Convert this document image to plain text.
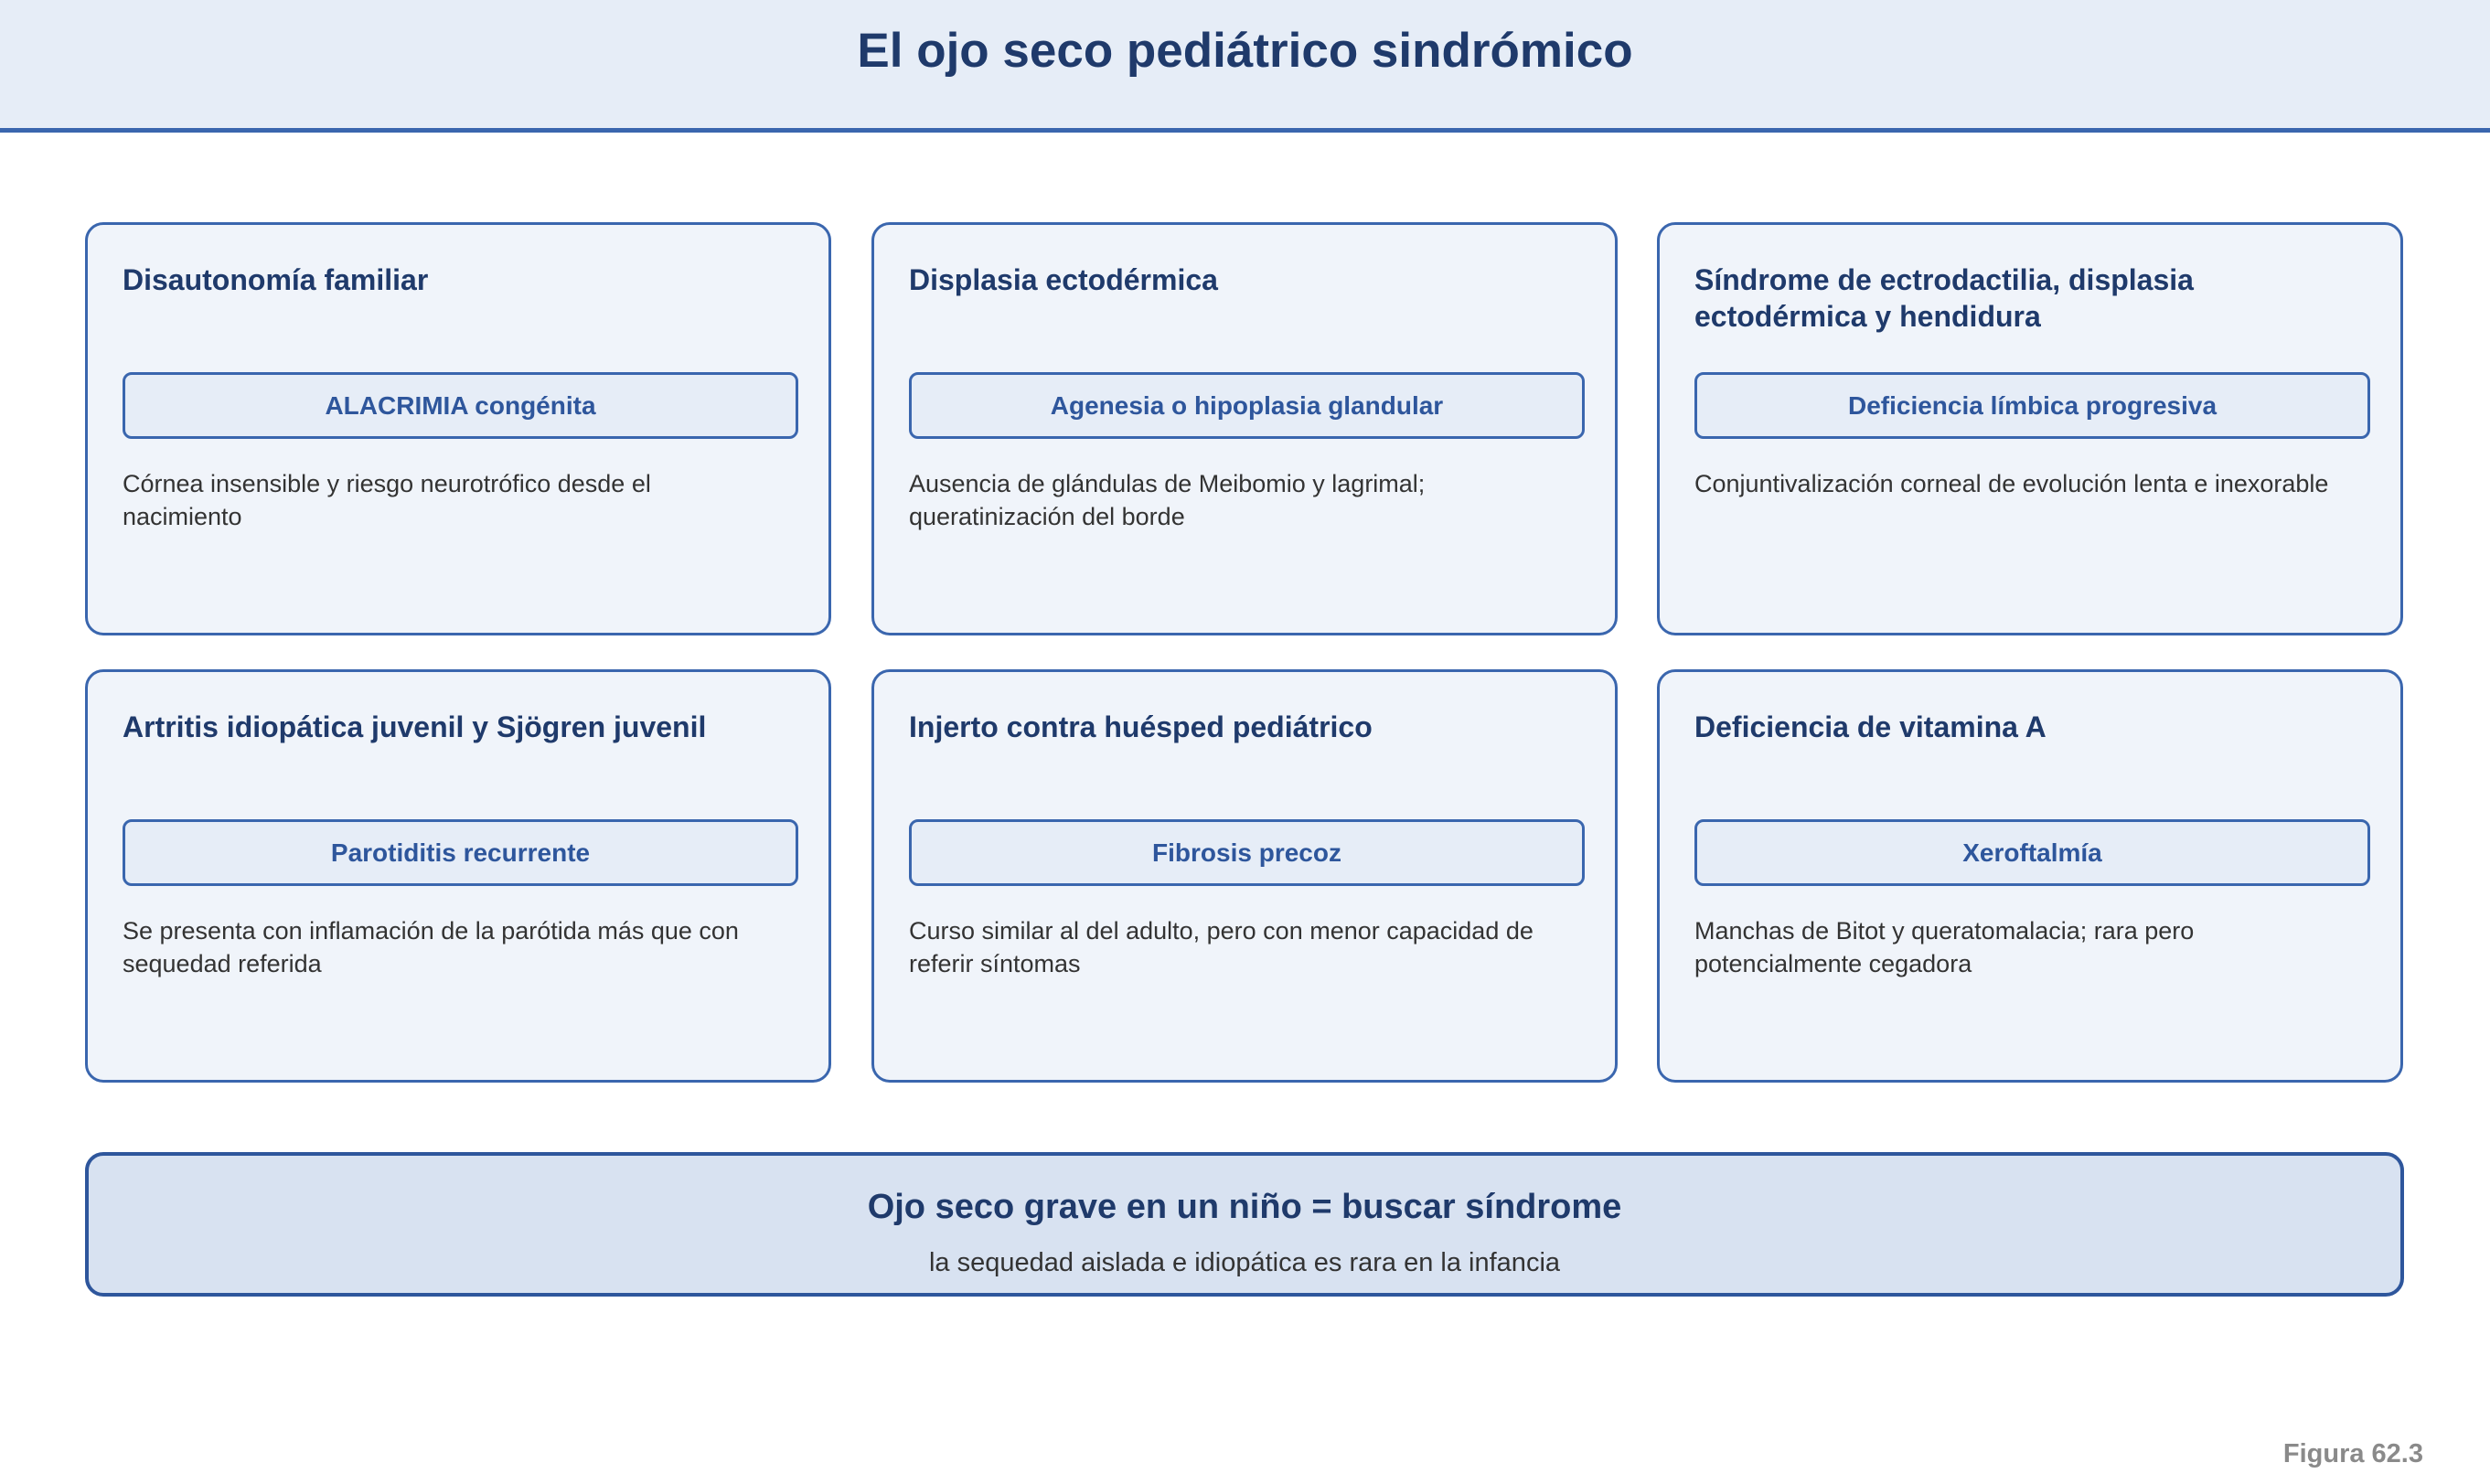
El ojo seco pediátrico sindrómico
Disautonomía familiar
ALACRIMIA congénita
Córnea insensible y riesgo neurotrófico desde el nacimiento
Displasia ectodérmica
Agenesia o hipoplasia glandular
Ausencia de glándulas de Meibomio y lagrimal; queratinización del borde
Síndrome de ectrodactilia, displasia ectodérmica y hendidura
Deficiencia límbica progresiva
Conjuntivalización corneal de evolución lenta e inexorable
Artritis idiopática juvenil y Sjögren juvenil
Parotiditis recurrente
Se presenta con inflamación de la parótida más que con sequedad referida
Injerto contra huésped pediátrico
Fibrosis precoz
Curso similar al del adulto, pero con menor capacidad de referir síntomas
Deficiencia de vitamina A
Xeroftalmía
Manchas de Bitot y queratomalacia; rara pero potencialmente cegadora
Ojo seco grave en un niño = buscar síndrome
la sequedad aislada e idiopática es rara en la infancia
Figura 62.3
